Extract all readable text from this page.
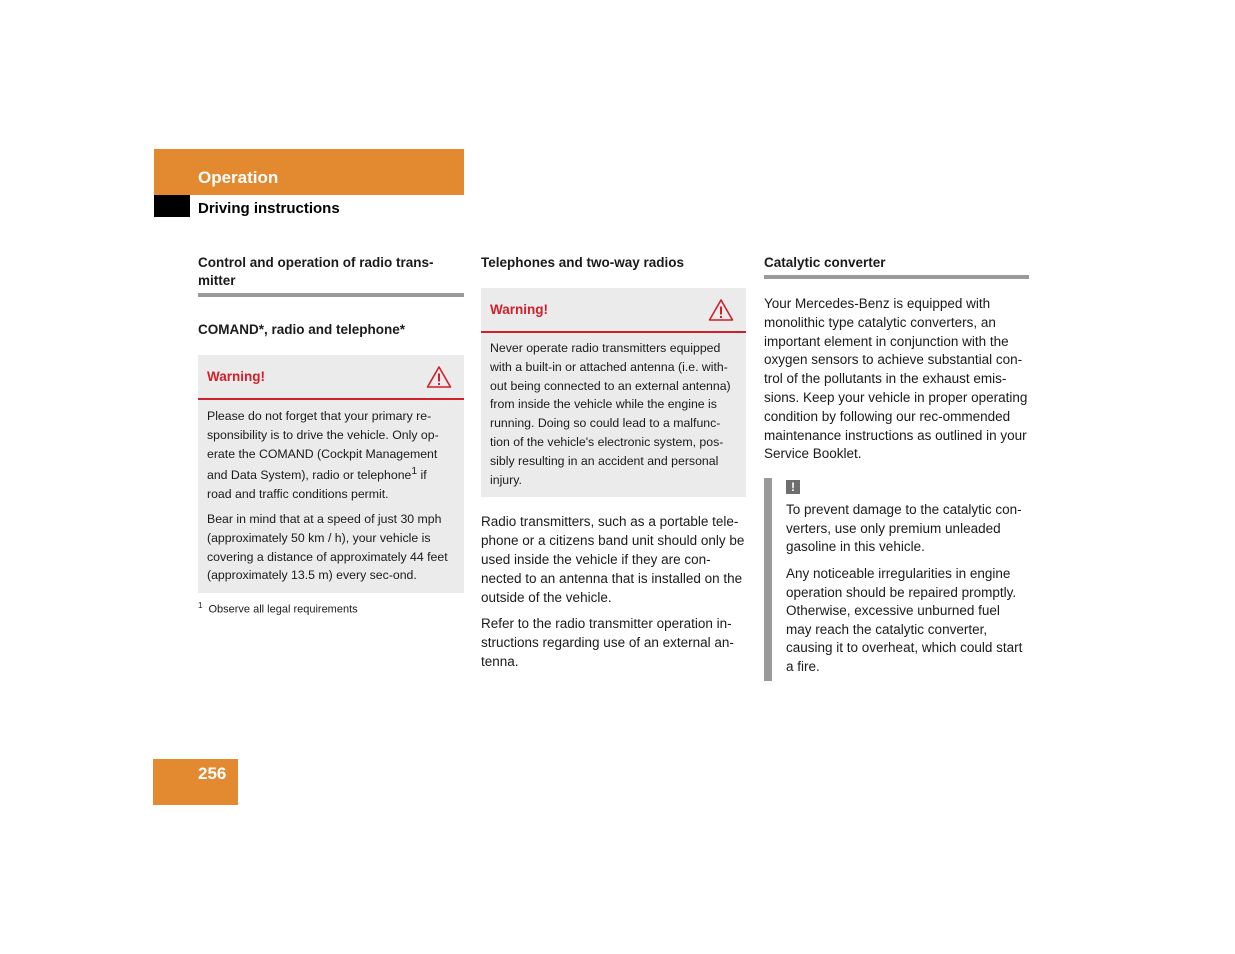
Operation
Driving instructions
Control and operation of radio trans-mitter
COMAND*, radio and telephone*
Warning!

Please do not forget that your primary re-sponsibility is to drive the vehicle. Only op-erate the COMAND (Cockpit Management and Data System), radio or telephone$^1$ if road and traffic conditions permit.

Bear in mind that at a speed of just 30 mph (approximately 50 km / h), your vehicle is covering a distance of approximately 44 feet (approximately 13.5 m) every sec-ond.

$^1$ Observe all legal requirements
Telephones and two-way radios
Warning!

Never operate radio transmitters equipped with a built-in or attached antenna (i.e. with-out being connected to an external antenna) from inside the vehicle while the engine is running. Doing so could lead to a malfunc-tion of the vehicle's electronic system, pos-sibly resulting in an accident and personal injury.

Radio transmitters, such as a portable tele-phone or a citizens band unit should only be used inside the vehicle if they are con-nected to an antenna that is installed on the outside of the vehicle.

Refer to the radio transmitter operation in-structions regarding use of an external an-tenna.

Catalytic converter

Your Mercedes-Benz is equipped with monolithic type catalytic converters, an important element in conjunction with the oxygen sensors to achieve substantial con-trol of the pollutants in the exhaust emis-sions. Keep your vehicle in proper operating condition by following our rec-ommended maintenance instructions as outlined in your Service Booklet.

!

To prevent damage to the catalytic con-verters, use only premium unleaded gasoline in this vehicle.

Any noticeable irregularities in engine operation should be repaired promptly. Otherwise, excessive unburned fuel may reach the catalytic converter, causing it to overheat, which could start a fire.

256
